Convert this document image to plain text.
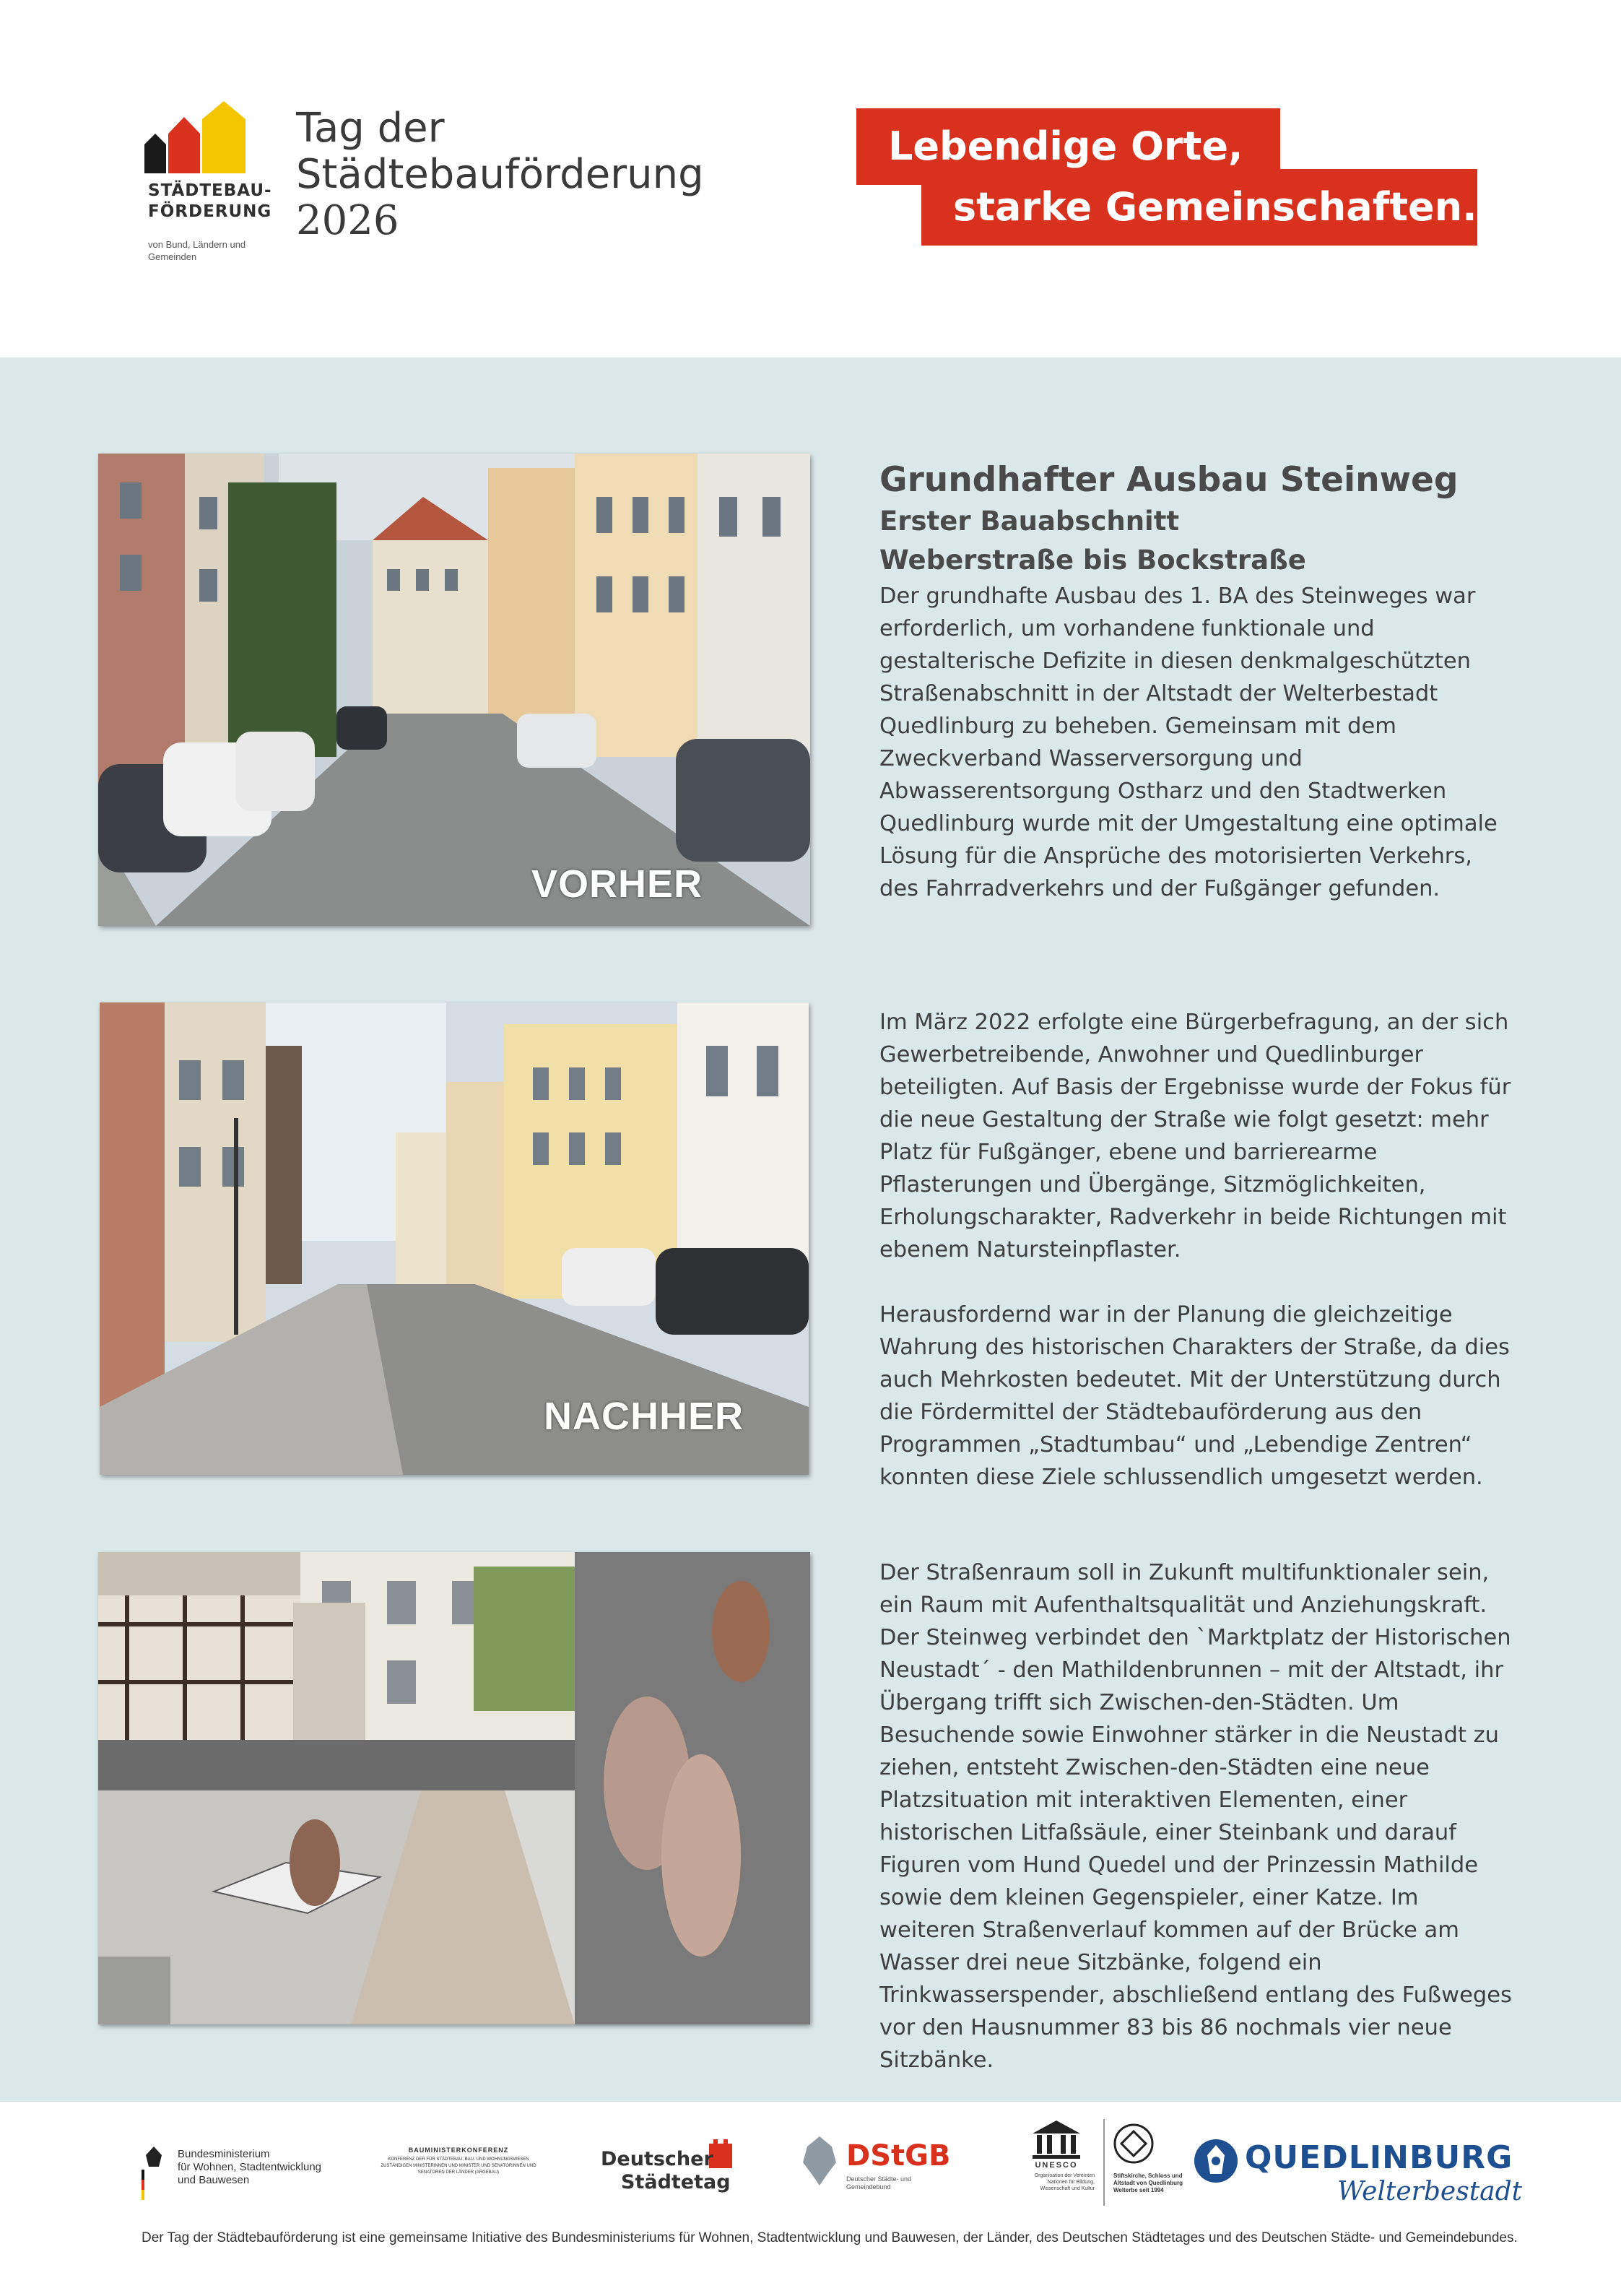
STÄDTEBAU-
FÖRDERUNG
von Bund, Ländern und Gemeinden
Tag der
Städtebauförderung
2026
Lebendige Orte,
starke Gemeinschaften.
VORHER
Grundhafter Ausbau Steinweg
Erster Bauabschnitt
Weberstraße bis Bockstraße

Der grundhafte Ausbau des 1. BA des Steinweges war erforderlich, um vorhandene funktionale und gestalterische Defizite in diesen denkmalgeschützten Straßenabschnitt in der Altstadt der Welterbestadt Quedlinburg zu beheben. Gemeinsam mit dem Zweckverband Wasserversorgung und Abwasserentsorgung Ostharz und den Stadtwerken Quedlinburg wurde mit der Umgestaltung eine optimale Lösung für die Ansprüche des motorisierten Verkehrs, des Fahrradverkehrs und der Fußgänger gefunden.

NACHHER

Im März 2022 erfolgte eine Bürgerbefragung, an der sich Gewerbetreibende, Anwohner und Quedlinburger beteiligten. Auf Basis der Ergebnisse wurde der Fokus für die neue Gestaltung der Straße wie folgt gesetzt: mehr Platz für Fußgänger, ebene und barrierearme Pflasterungen und Übergänge, Sitzmöglichkeiten, Erholungscharakter, Radverkehr in beide Richtungen mit ebenem Natursteinpflaster.

Herausfordernd war in der Planung die gleichzeitige Wahrung des historischen Charakters der Straße, da dies auch Mehrkosten bedeutet. Mit der Unterstützung durch die Fördermittel der Städtebauförderung aus den Programmen „Stadtumbau“ und „Lebendige Zentren“ konnten diese Ziele schlussendlich umgesetzt werden.

Der Straßenraum soll in Zukunft multifunktionaler sein, ein Raum mit Aufenthaltsqualität und Anziehungskraft. Der Steinweg verbindet den `Marktplatz der Historischen Neustadt´ - den Mathildenbrunnen – mit der Altstadt, ihr Übergang trifft sich Zwischen-den-Städten. Um Besuchende sowie Einwohner stärker in die Neustadt zu ziehen, entsteht Zwischen-den-Städten eine neue Platzsituation mit interaktiven Elementen, einer historischen Litfaßsäule, einer Steinbank und darauf Figuren vom Hund Quedel und der Prinzessin Mathilde sowie dem kleinen Gegenspieler, einer Katze. Im weiteren Straßenverlauf kommen auf der Brücke am Wasser drei neue Sitzbänke, folgend ein Trinkwasserspender, abschließend entlang des Fußweges vor den Hausnummer 83 bis 86 nochmals vier neue Sitzbänke.

Bundesministerium
für Wohnen, Stadtentwicklung
und Bauwesen
BAUMINISTERKONFERENZ
KONFERENZ DER FÜR STÄDTEBAU, BAU- UND WOHNUNGSWESEN ZUSTÄNDIGEN MINISTERINNEN UND MINISTER UND SENATORINNEN UND SENATOREN DER LÄNDER (ARGEBAU)
Deutscher
Städtetag
DStGB
Deutscher Städte- und Gemeindebund
UNESCO
Organisation der Vereinten Nationen für Bildung, Wissenschaft und Kultur
Stiftskirche, Schloss und Altstadt von Quedlinburg Welterbe seit 1994
QUEDLINBURG
Welterbestadt
Der Tag der Städtebauförderung ist eine gemeinsame Initiative des Bundesministeriums für Wohnen, Stadtentwicklung und Bauwesen, der Länder, des Deutschen Städtetages und des Deutschen Städte- und Gemeindebundes.
